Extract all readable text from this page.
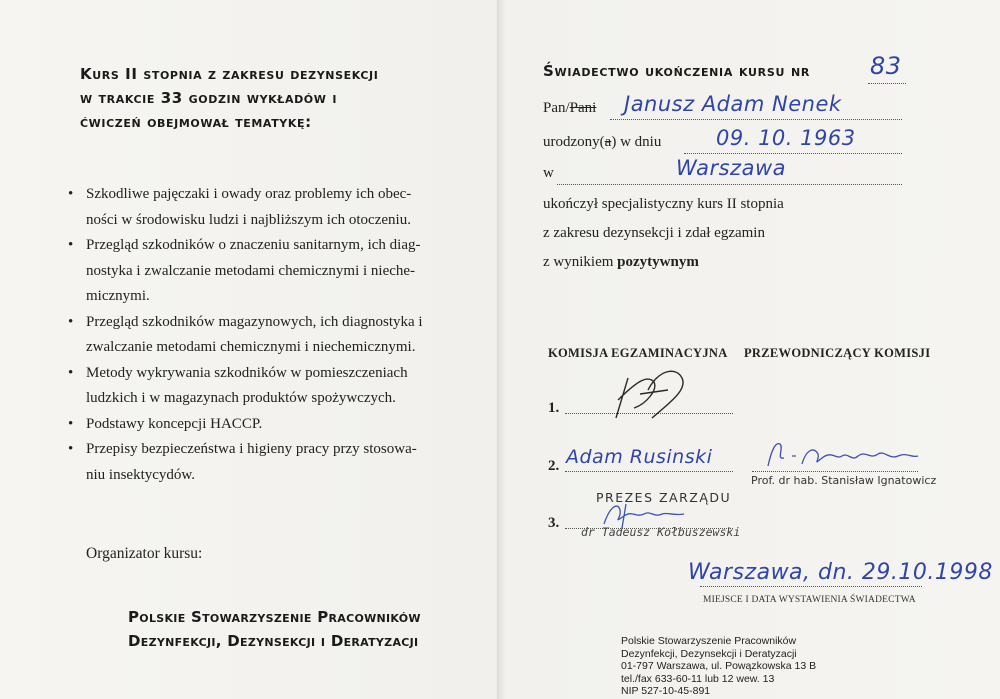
Kurs II stopnia z zakresu dezynsekcji
w trakcie 33 godzin wykładów i
ćwiczeń obejmował tematykę:
• Szkodliwe pajęczaki i owady oraz problemy ich obec-
ności w środowisku ludzi i najbliższym ich otoczeniu.
• Przegląd szkodników o znaczeniu sanitarnym, ich diag-
nostyka i zwalczanie metodami chemicznymi i nieche-
micznymi.
• Przegląd szkodników magazynowych, ich diagnostyka i
zwalczanie metodami chemicznymi i niechemicznymi.
• Metody wykrywania szkodników w pomieszczeniach
ludzkich i w magazynach produktów spożywczych.
• Podstawy koncepcji HACCP.
• Przepisy bezpieczeństwa i higieny pracy przy stosowa-
niu insektycydów.
Organizator kursu:
Polskie Stowarzyszenie Pracowników
Dezynfekcji, Dezynsekcji i Deratyzacji
Świadectwo ukończenia kursu nr 83
Pan/Pani Janusz Adam Nenek
urodzony(a) w dniu	09. 10. 1963
w	Warszawa
ukończył specjalistyczny kurs II stopnia
z zakresu dezynsekcji i zdał egzamin
z wynikiem pozytywnym
KOMISJA EGZAMINACYJNA PRZEWODNICZĄCY KOMISJI
1.
2. Adam Rusinski
Prof. dr hab. Stanisław Ignatowicz
PREZES ZARZĄDU
3.
dr Tadeusz Kołbuszewski
Warszawa, dn. 29.10.1998
MIEJSCE I DATA WYSTAWIENIA ŚWIADECTWA
Polskie Stowarzyszenie Pracowników
Dezynfekcji, Dezynsekcji i Deratyzacji
01-797 Warszawa, ul. Powązkowska 13 B
tel./fax 633-60-11 lub 12 wew. 13
NIP 527-10-45-891
